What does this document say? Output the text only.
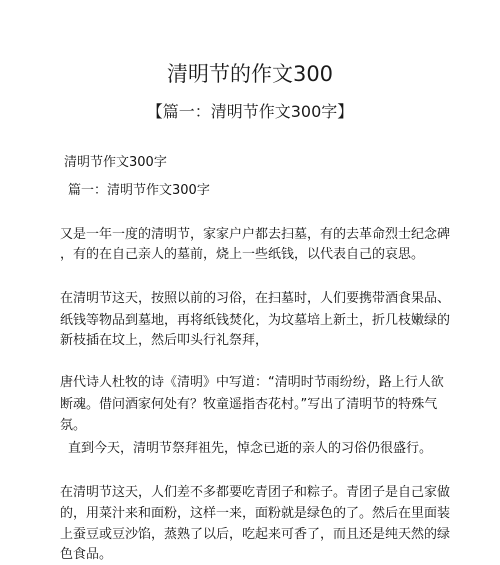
清明节的作文300
【篇一：清明节作文300字】
清明节作文300字
篇一：清明节作文300字
又是一年一度的清明节，家家户户都去扫墓，有的去革命烈士纪念碑
，有的在自己亲人的墓前，烧上一些纸钱，以代表自己的哀思。
在清明节这天，按照以前的习俗，在扫墓时，人们要携带酒食果品、
纸钱等物品到墓地，再将纸钱焚化，为坟墓培上新土，折几枝嫩绿的
新枝插在坟上，然后叩头行礼祭拜，
唐代诗人杜牧的诗《清明》中写道：“清明时节雨纷纷，路上行人欲
断魂。借问酒家何处有？牧童遥指杏花村。”写出了清明节的特殊气
氛。
直到今天，清明节祭拜祖先，悼念已逝的亲人的习俗仍很盛行。
在清明节这天，人们差不多都要吃青团子和粽子。青团子是自己家做
的，用菜汁来和面粉，这样一来，面粉就是绿色的了。然后在里面装
上蚕豆或豆沙馅，蒸熟了以后，吃起来可香了，而且还是纯天然的绿
色食品。
